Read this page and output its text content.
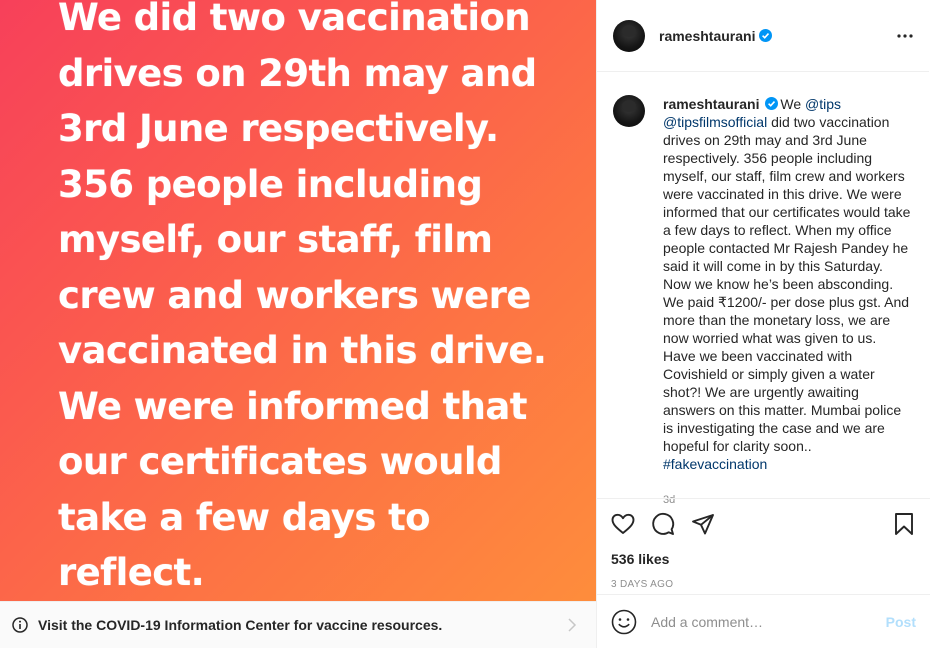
We did two vaccination
drives on 29th may and
3rd June respectively.
356 people including
myself, our staff, film
crew and workers were
vaccinated in this drive.
We were informed that
our certificates would
take a few days to
reflect.
Visit the COVID-19 Information Center for vaccine resources.
rameshtaurani
rameshtaurani We @tips @tipsfilmsofficial did two vaccination drives on 29th may and 3rd June respectively. 356 people including myself, our staff, film crew and workers were vaccinated in this drive. We were informed that our certificates would take a few days to reflect. When my office people contacted Mr Rajesh Pandey he said it will come in by this Saturday. Now we know he’s been absconding. We paid ₹1200/- per dose plus gst. And more than the monetary loss, we are now worried what was given to us. Have we been vaccinated with Covishield or simply given a water shot?! We are urgently awaiting answers on this matter. Mumbai police is investigating the case and we are hopeful for clarity soon.. #fakevaccination
3d
536 likes
3 DAYS AGO
Add a comment…
Post
